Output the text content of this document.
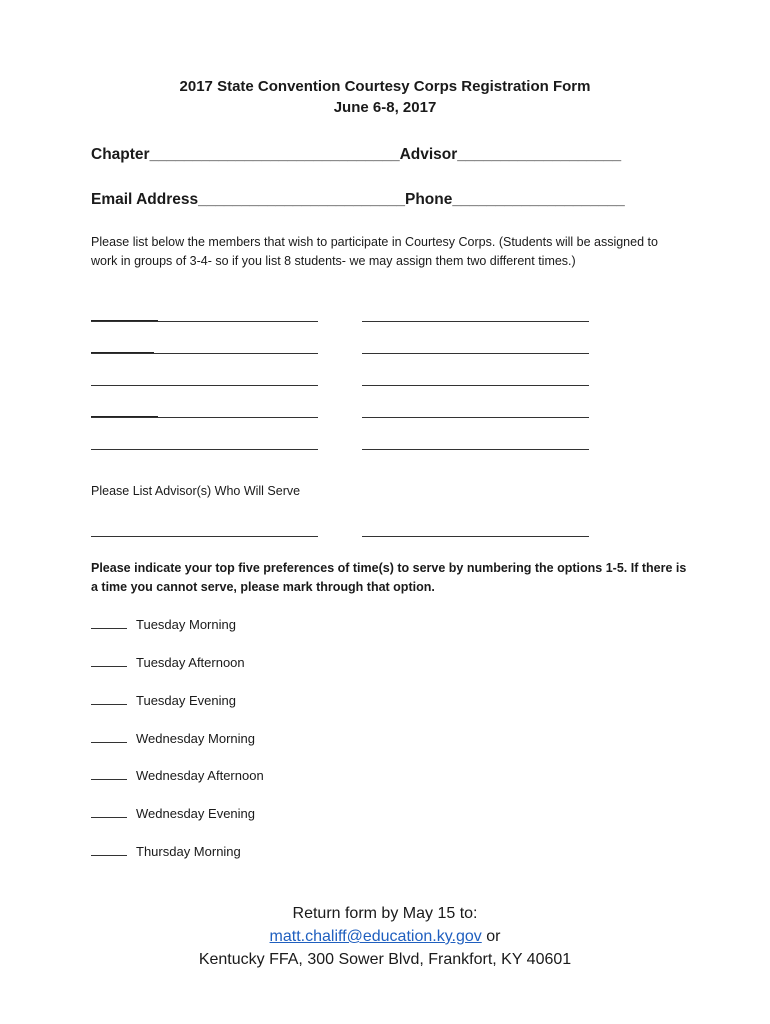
2017 State Convention Courtesy Corps Registration Form

June 6-8, 2017

Chapter_____________________________Advisor___________________
Email Address________________________Phone____________________

Please list below the members that wish to participate in Courtesy Corps. (Students will be assigned to work in groups of 3-4- so if you list 8 students- we may assign them two different times.)

Please List Advisor(s) Who Will Serve

Please indicate your top five preferences of time(s) to serve by numbering the options 1-5. If there is a time you cannot serve, please mark through that option.

Tuesday Morning
Tuesday Afternoon
Tuesday Evening
Wednesday Morning
Wednesday Afternoon
Wednesday Evening
Thursday Morning
Return form by May 15 to:
matt.chaliff@education.ky.gov or
Kentucky FFA, 300 Sower Blvd, Frankfort, KY 40601
